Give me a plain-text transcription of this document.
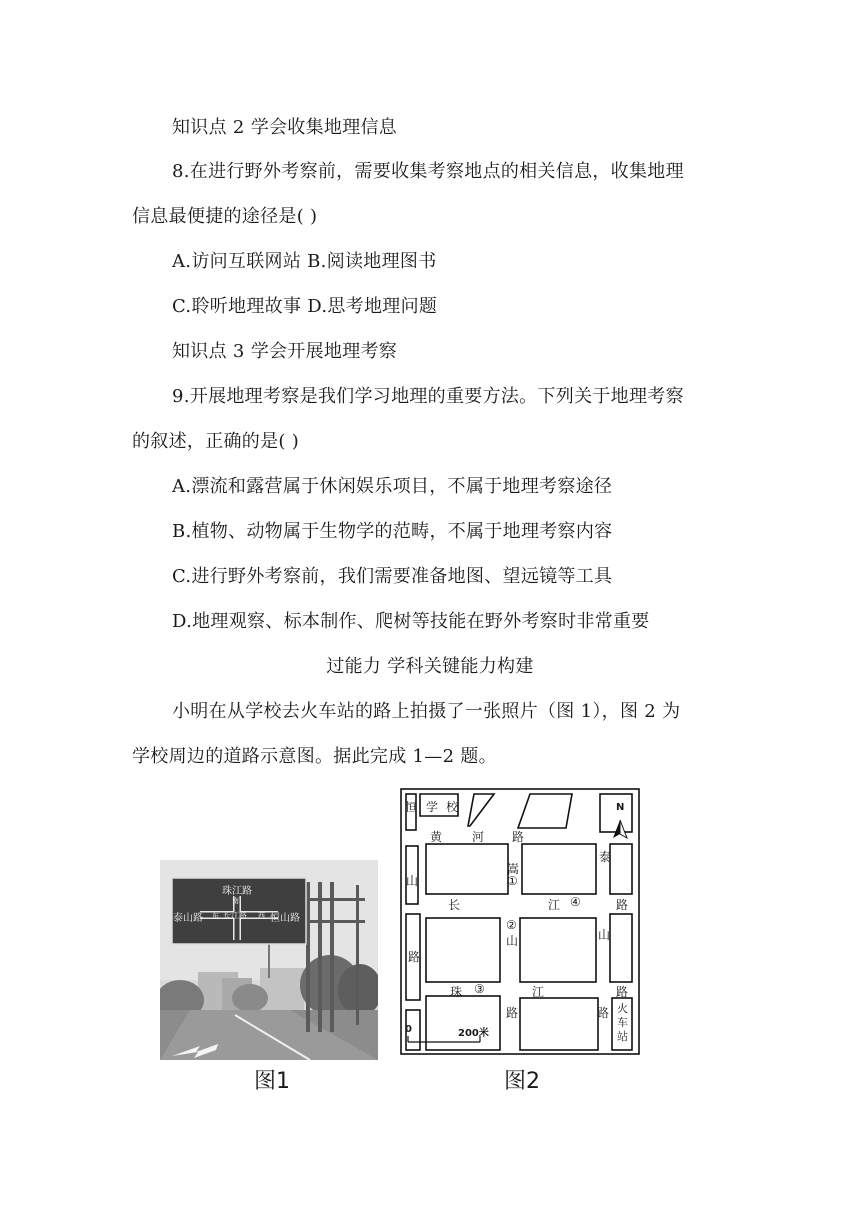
知识点 2 学会收集地理信息
8.在进行野外考察前，需要收集考察地点的相关信息，收集地理
信息最便捷的途径是( )
A.访问互联网站 B.阅读地理图书
C.聆听地理故事 D.思考地理问题
知识点 3 学会开展地理考察
9.开展地理考察是我们学习地理的重要方法。下列关于地理考察
的叙述，正确的是( )
A.漂流和露营属于休闲娱乐项目，不属于地理考察途径
B.植物、动物属于生物学的范畴，不属于地理考察内容
C.进行野外考察前，我们需要准备地图、望远镜等工具
D.地理观察、标本制作、爬树等技能在野外考察时非常重要
过能力 学科关键能力构建
小明在从学校去火车站的路上拍摄了一张照片（图 1），图 2 为
学校周边的道路示意图。据此完成 1—2 题。
珠江路
南
泰山路 东 长江路 西 恒山路
图1
N
恒 学 校
黄 河 路
嵩
①
山
泰
长	江 ④	路
②
山	山
路
珠 ③	江	路
路	路 火
车
站
0	200米
图2
